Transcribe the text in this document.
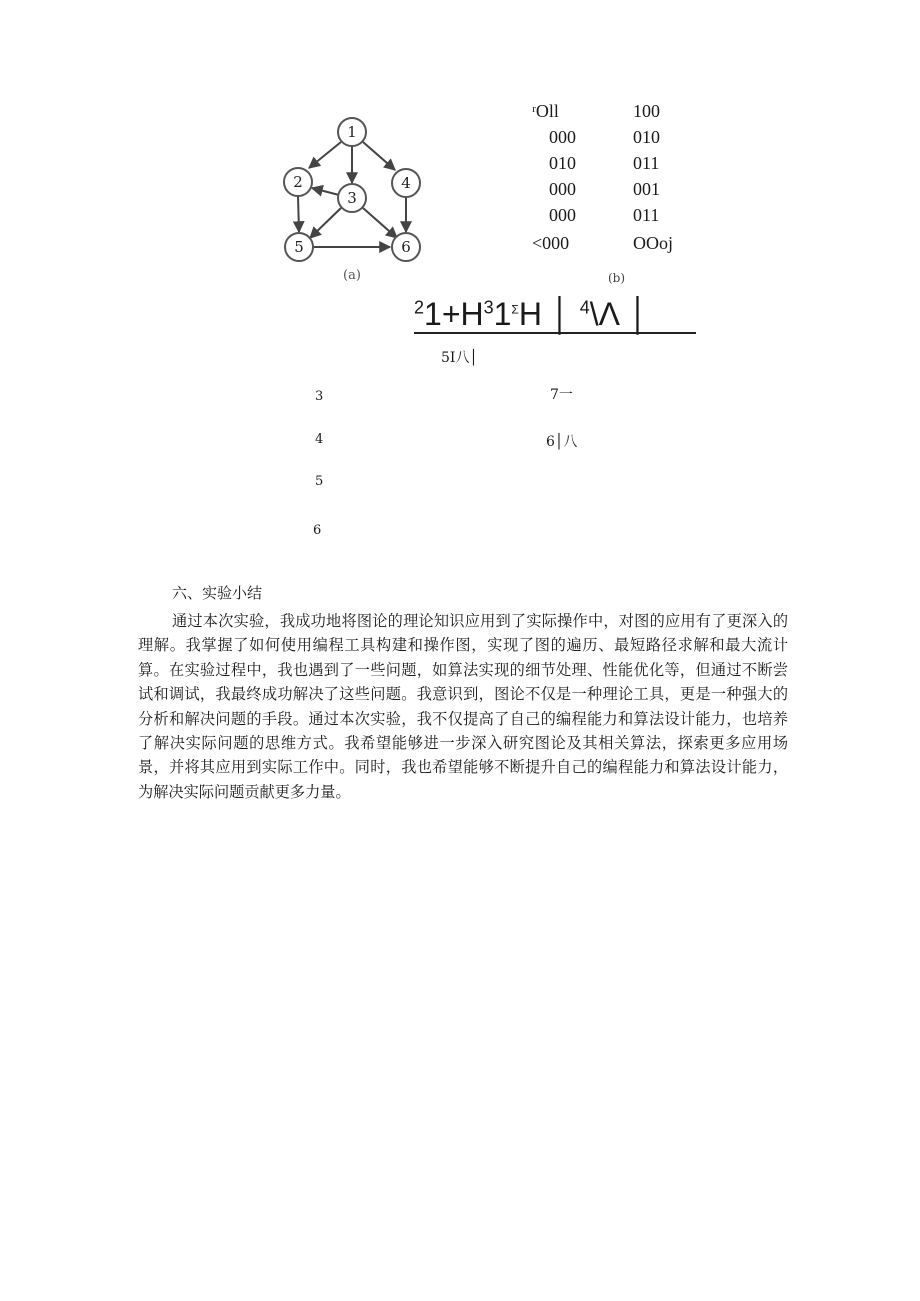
1
2
3
4
5	6
(a)
ʳOll	100
000	010
010	011
000	001
000	011
<000	OOoj
(b)
$^21+H^31^\Sigma H$ │ $^4$\Λ │
5I八│
3	7一
4	6│八
5
6
六、实验小结
通过本次实验，我成功地将图论的理论知识应用到了实际操作中，对图的应用有了更深入的理解。我掌握了如何使用编程工具构建和操作图，实现了图的遍历、最短路径求解和最大流计算。在实验过程中，我也遇到了一些问题，如算法实现的细节处理、性能优化等，但通过不断尝试和调试，我最终成功解决了这些问题。我意识到，图论不仅是一种理论工具，更是一种强大的分析和解决问题的手段。通过本次实验，我不仅提高了自己的编程能力和算法设计能力，也培养了解决实际问题的思维方式。我希望能够进一步深入研究图论及其相关算法，探索更多应用场景，并将其应用到实际工作中。同时，我也希望能够不断提升自己的编程能力和算法设计能力，为解决实际问题贡献更多力量。
